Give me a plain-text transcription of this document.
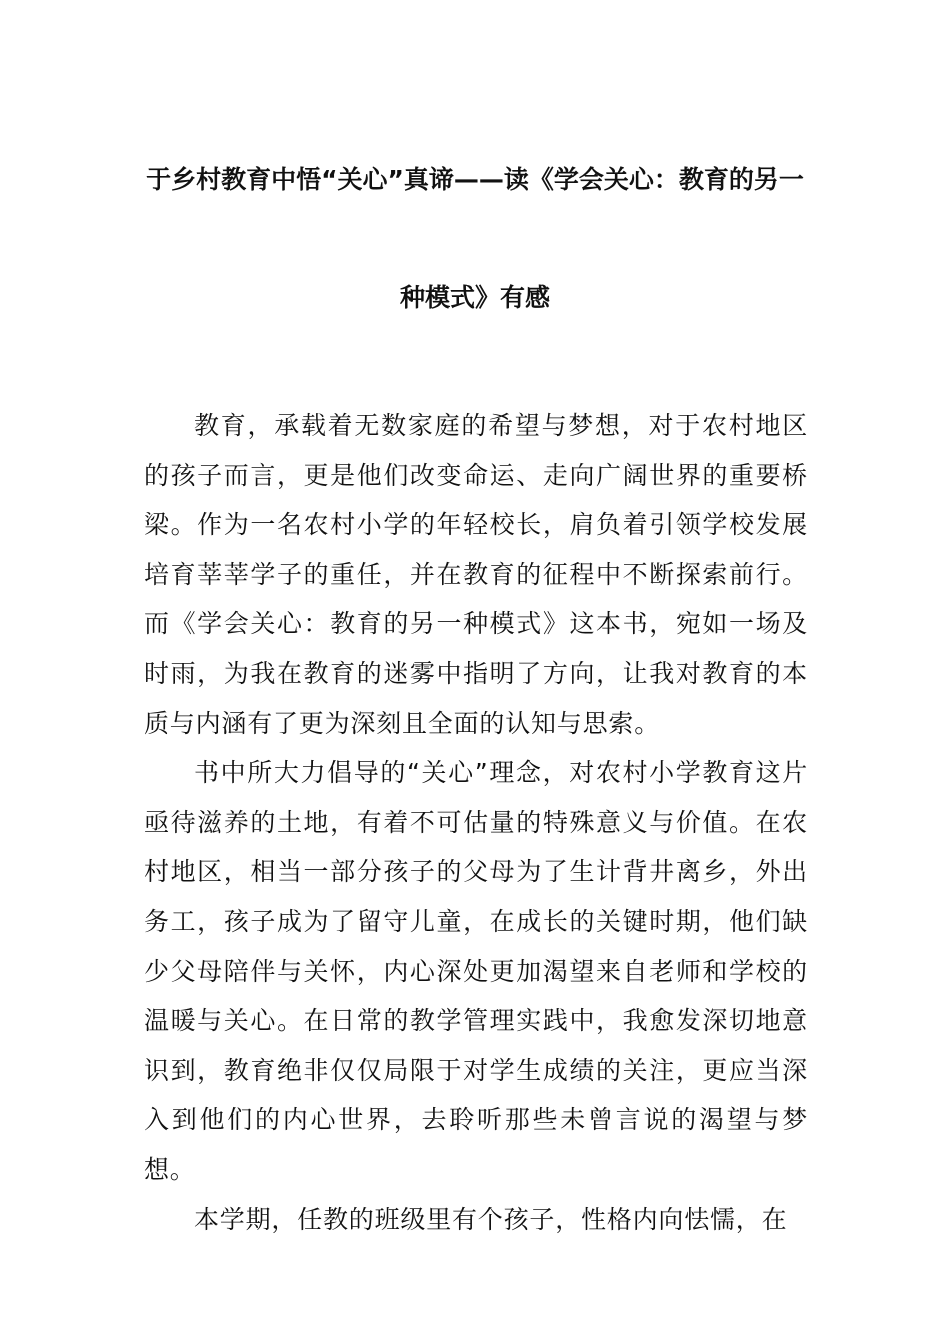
于乡村教育中悟“关心”真谛——读《学会关心：教育的另一
种模式》有感

教育，承载着无数家庭的希望与梦想，对于农村地区的孩子而言，更是他们改变命运、走向广阔世界的重要桥梁。作为一名农村小学的年轻校长，肩负着引领学校发展培育莘莘学子的重任，并在教育的征程中不断探索前行。而《学会关心：教育的另一种模式》这本书，宛如一场及时雨，为我在教育的迷雾中指明了方向，让我对教育的本质与内涵有了更为深刻且全面的认知与思索。

书中所大力倡导的“关心”理念，对农村小学教育这片亟待滋养的土地，有着不可估量的特殊意义与价值。在农村地区，相当一部分孩子的父母为了生计背井离乡，外出务工，孩子成为了留守儿童，在成长的关键时期，他们缺少父母陪伴与关怀，内心深处更加渴望来自老师和学校的温暖与关心。在日常的教学管理实践中，我愈发深切地意识到，教育绝非仅仅局限于对学生成绩的关注，更应当深入到他们的内心世界，去聆听那些未曾言说的渴望与梦想。

本学期，任教的班级里有个孩子，性格内向怯懦，在
